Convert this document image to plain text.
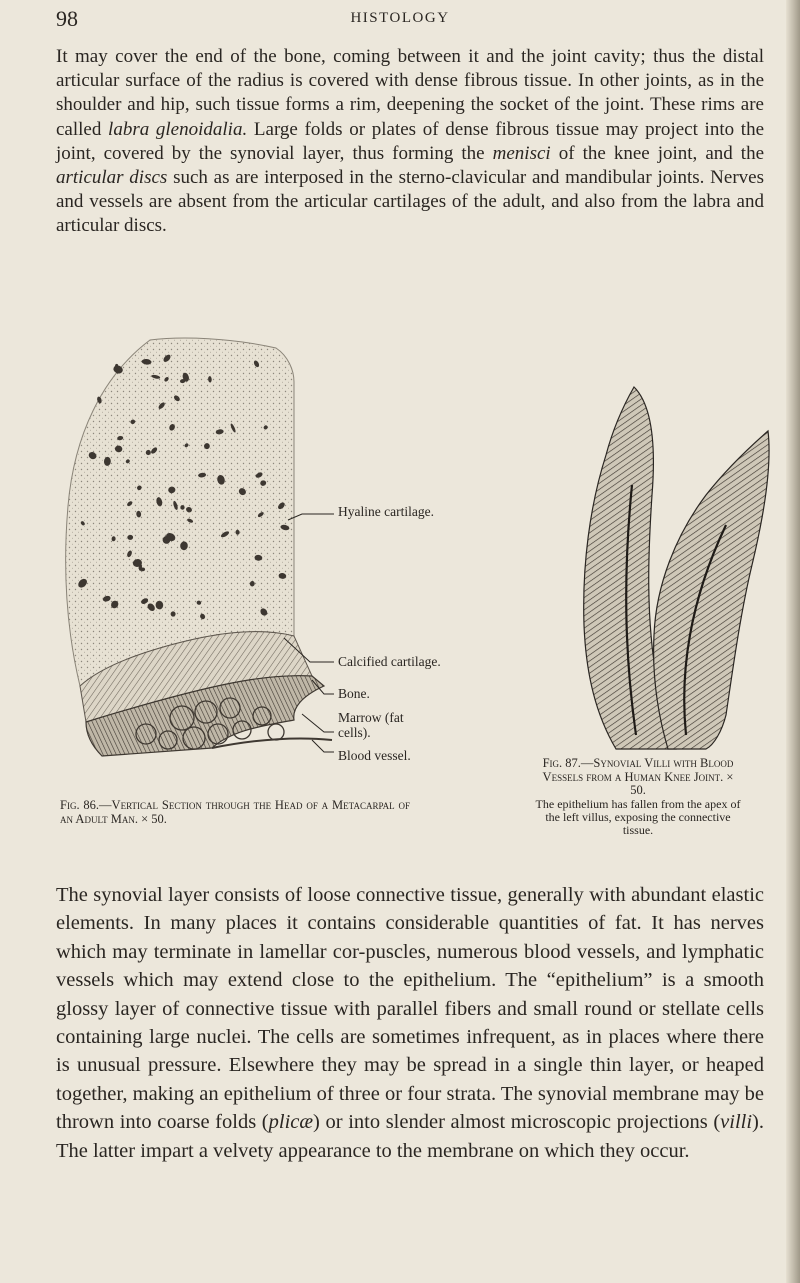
98	HISTOLOGY

It may cover the end of the bone, coming between it and the joint cavity; thus the distal articular surface of the radius is covered with dense fibrous tissue. In other joints, as in the shoulder and hip, such tissue forms a rim, deepening the socket of the joint. These rims are called labra glenoidalia. Large folds or plates of dense fibrous tissue may project into the joint, covered by the synovial layer, thus forming the menisci of the knee joint, and the articular discs such as are interposed in the sterno-clavicular and mandibular joints. Nerves and vessels are absent from the articular cartilages of the adult, and also from the labra and articular discs.

Hyaline cartilage.
Calcified cartilage.
Bone.
Marrow (fat cells).
Blood vessel.

Fig. 86.—Vertical Section through the Head of a Metacarpal of an Adult Man. × 50.

Fig. 87.—Synovial Villi with Blood Vessels from a Human Knee Joint. × 50.

The epithelium has fallen from the apex of the left villus, exposing the connective tissue.

The synovial layer consists of loose connective tissue, generally with abundant elastic elements. In many places it contains considerable quantities of fat. It has nerves which may terminate in lamellar cor-puscles, numerous blood vessels, and lymphatic vessels which may extend close to the epithelium. The “epithelium” is a smooth glossy layer of connective tissue with parallel fibers and small round or stellate cells containing large nuclei. The cells are sometimes infrequent, as in places where there is unusual pressure. Elsewhere they may be spread in a single thin layer, or heaped together, making an epithelium of three or four strata. The synovial membrane may be thrown into coarse folds (plicæ) or into slender almost microscopic projections (villi). The latter impart a velvety appearance to the membrane on which they occur.
